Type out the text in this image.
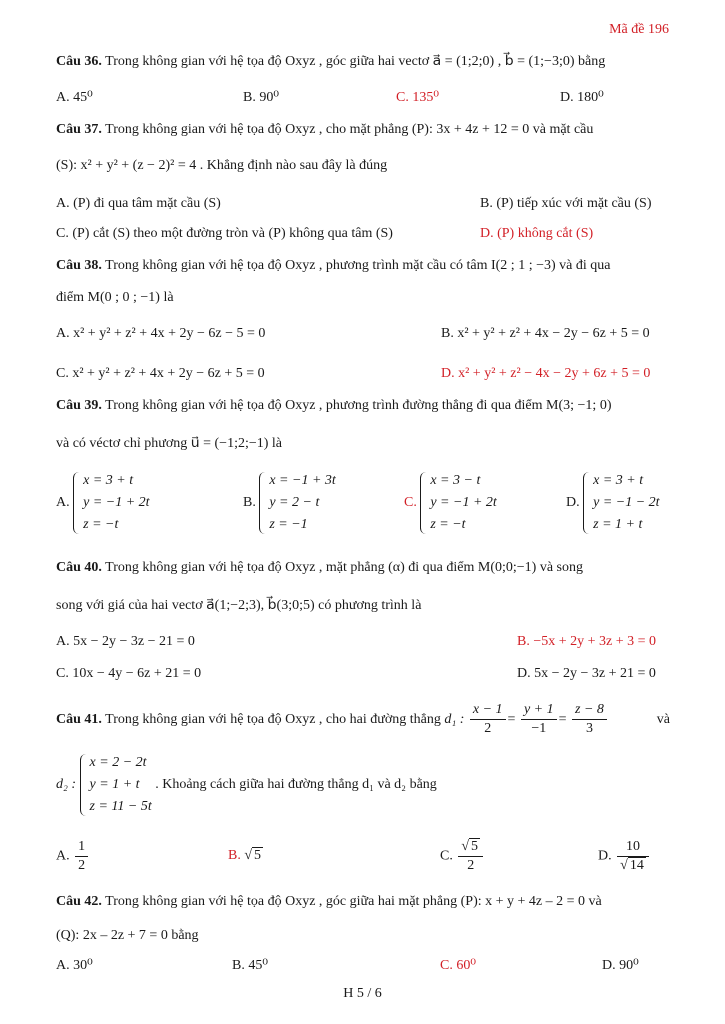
Mã đề 196
Câu 36. Trong không gian với hệ tọa độ Oxyz , góc giữa hai vectơ a⃗ = (1;2;0) , b⃗ = (1;−3;0) bằng
A. 45⁰	B. 90⁰	C. 135⁰	D. 180⁰
Câu 37. Trong không gian với hệ tọa độ Oxyz , cho mặt phẳng (P): 3x + 4z + 12 = 0 và mặt cầu
(S): x² + y² + (z − 2)² = 4 . Khẳng định nào sau đây là đúng
A. (P) đi qua tâm mặt cầu (S)	B. (P) tiếp xúc với mặt cầu (S)
C. (P) cắt (S) theo một đường tròn và (P) không qua tâm (S)	D. (P) không cắt (S)
Câu 38. Trong không gian với hệ tọa độ Oxyz , phương trình mặt cầu có tâm I(2 ; 1 ; −3) và đi qua
điểm M(0 ; 0 ; −1) là
A. x² + y² + z² + 4x + 2y − 6z − 5 = 0	B. x² + y² + z² + 4x − 2y − 6z + 5 = 0
C. x² + y² + z² + 4x + 2y − 6z + 5 = 0	D. x² + y² + z² − 4x − 2y + 6z + 5 = 0
Câu 39. Trong không gian với hệ tọa độ Oxyz , phương trình đường thẳng đi qua điểm M(3; −1; 0)
và có véctơ chỉ phương u⃗ = (−1;2;−1) là
A.
x = 3 + t
y = −1 + 2t
z = −t
B.
x = −1 + 3t
y = 2 − t
z = −1
C.
x = 3 − t
y = −1 + 2t
z = −t
D.
x = 3 + t
y = −1 − 2t
z = 1 + t
Câu 40. Trong không gian với hệ tọa độ Oxyz , mặt phẳng (α) đi qua điểm M(0;0;−1) và song
song với giá của hai vectơ a⃗(1;−2;3), b⃗(3;0;5) có phương trình là
A. 5x − 2y − 3z − 21 = 0	B. −5x + 2y + 3z + 3 = 0
C. 10x − 4y − 6z + 21 = 0	D. 5x − 2y − 3z + 21 = 0
Câu 41. Trong không gian với hệ tọa độ Oxyz , cho hai đường thẳng d₁ : $\frac{x - 1}{2} = \frac{y + 1}{-1} = \frac{z - 8}{3}$	và
d₂ :
x = 2 − 2t
y = 1 + t
z = 11 − 5t
. Khoảng cách giữa hai đường thẳng d₁ và d₂ bằng
A. $\frac{1}{2}$	B. √ 5	C. $\frac{√ 5}{2}$	D. $\frac{10}{√ 14}$
Câu 42. Trong không gian với hệ tọa độ Oxyz , góc giữa hai mặt phẳng (P): x + y + 4z – 2 = 0 và
(Q): 2x – 2z + 7 = 0 bằng
A. 30⁰	B. 45⁰	C. 60⁰	D. 90⁰
H 5 / 6
